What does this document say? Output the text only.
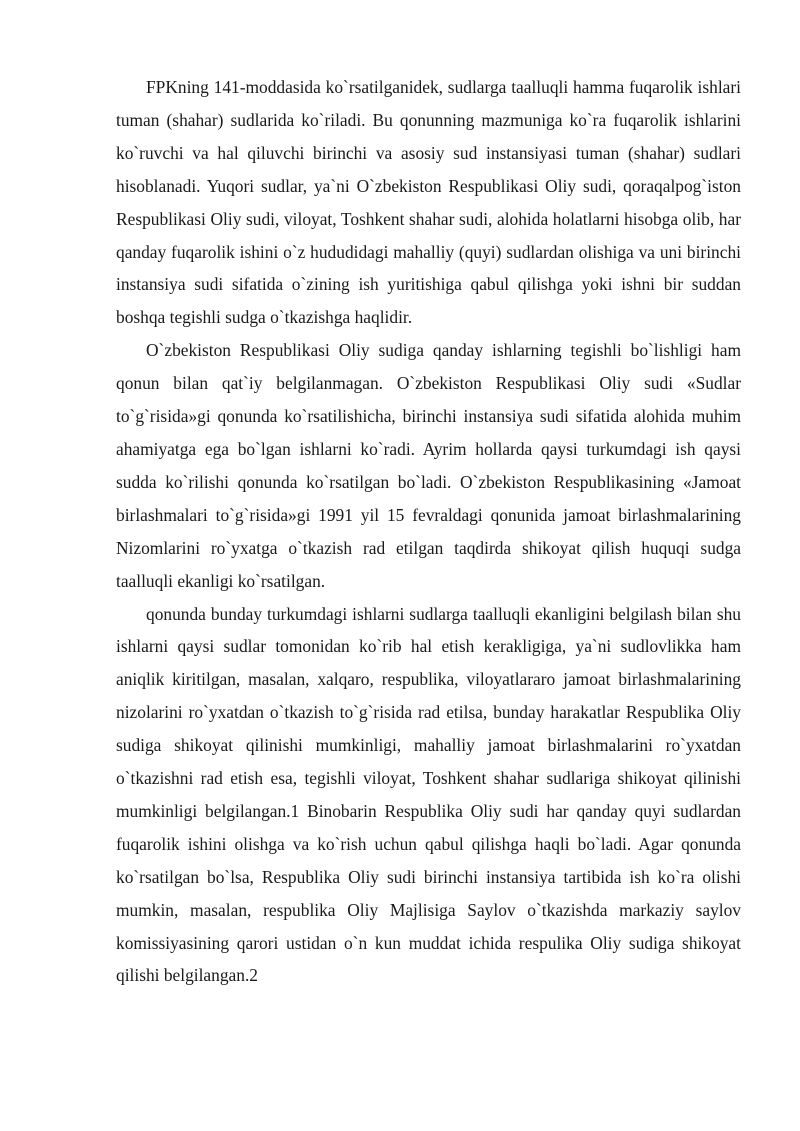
FPKning 141-moddasida ko`rsatilganidek, sudlarga taalluqli hamma fuqarolik ishlari tuman (shahar) sudlarida ko`riladi. Bu qonunning mazmuniga ko`ra fuqarolik ishlarini ko`ruvchi va hal qiluvchi birinchi va asosiy sud instansiyasi tuman (shahar) sudlari hisoblanadi. Yuqori sudlar, ya`ni O`zbekiston Respublikasi Oliy sudi, qoraqalpog`iston Respublikasi Oliy sudi, viloyat, Toshkent shahar sudi, alohida holatlarni hisobga olib, har qanday fuqarolik ishini o`z hududidagi mahalliy (quyi) sudlardan olishiga va uni birinchi instansiya sudi sifatida o`zining ish yuritishiga qabul qilishga yoki ishni bir suddan boshqa tegishli sudga o`tkazishga haqlidir.

O`zbekiston Respublikasi Oliy sudiga qanday ishlarning tegishli bo`lishligi ham qonun bilan qat`iy belgilanmagan. O`zbekiston Respublikasi Oliy sudi «Sudlar to`g`risida»gi qonunda ko`rsatilishicha, birinchi instansiya sudi sifatida alohida muhim ahamiyatga ega bo`lgan ishlarni ko`radi. Ayrim hollarda qaysi turkumdagi ish qaysi sudda ko`rilishi qonunda ko`rsatilgan bo`ladi. O`zbekiston Respublikasining «Jamoat birlashmalari to`g`risida»gi 1991 yil 15 fevraldagi qonunida jamoat birlashmalarining Nizomlarini ro`yxatga o`tkazish rad etilgan taqdirda shikoyat qilish huquqi sudga taalluqli ekanligi ko`rsatilgan.

qonunda bunday turkumdagi ishlarni sudlarga taalluqli ekanligini belgilash bilan shu ishlarni qaysi sudlar tomonidan ko`rib hal etish kerakligiga, ya`ni sudlovlikka ham aniqlik kiritilgan, masalan, xalqaro, respublika, viloyatlararo jamoat birlashmalarining nizolarini ro`yxatdan o`tkazish to`g`risida rad etilsa, bunday harakatlar Respublika Oliy sudiga shikoyat qilinishi mumkinligi, mahalliy jamoat birlashmalarini ro`yxatdan o`tkazishni rad etish esa, tegishli viloyat, Toshkent shahar sudlariga shikoyat qilinishi mumkinligi belgilangan.1 Binobarin Respublika Oliy sudi har qanday quyi sudlardan fuqarolik ishini olishga va ko`rish uchun qabul qilishga haqli bo`ladi. Agar qonunda ko`rsatilgan bo`lsa, Respublika Oliy sudi birinchi instansiya tartibida ish ko`ra olishi mumkin, masalan, respublika Oliy Majlisiga Saylov o`tkazishda markaziy saylov komissiyasining qarori ustidan o`n kun muddat ichida respulika Oliy sudiga shikoyat qilishi belgilangan.2
